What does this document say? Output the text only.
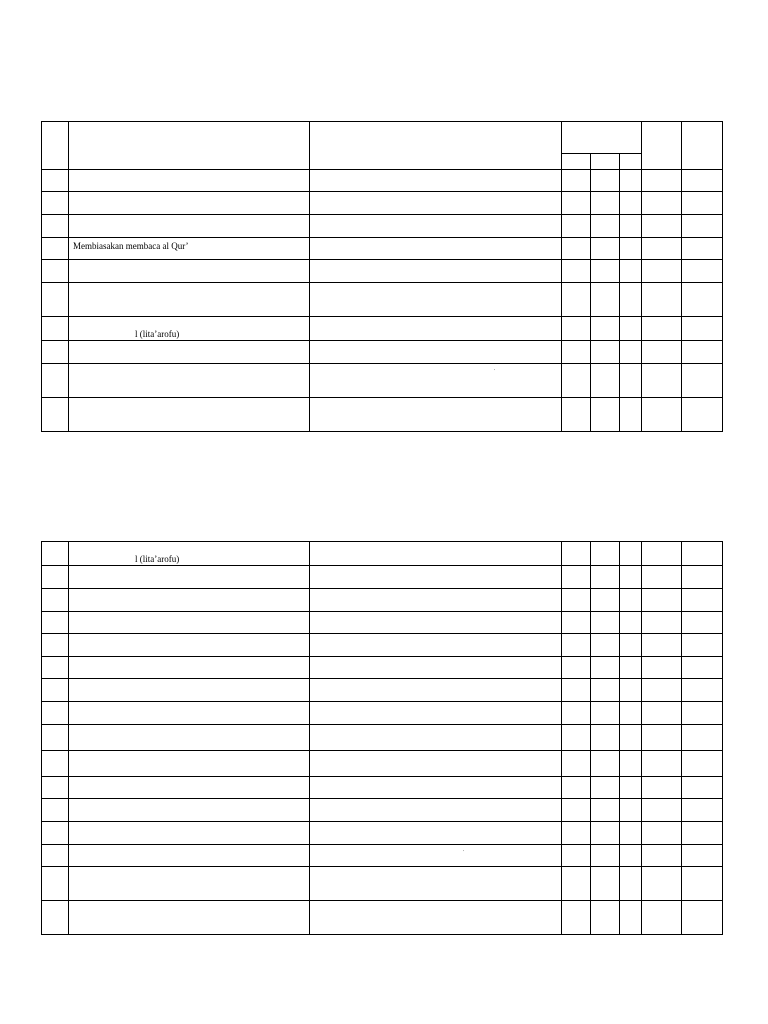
	Membiasakan membaca al Qur’						

	l (lita’arofu)						

		’					

	l (lita’arofu)						

		’					
